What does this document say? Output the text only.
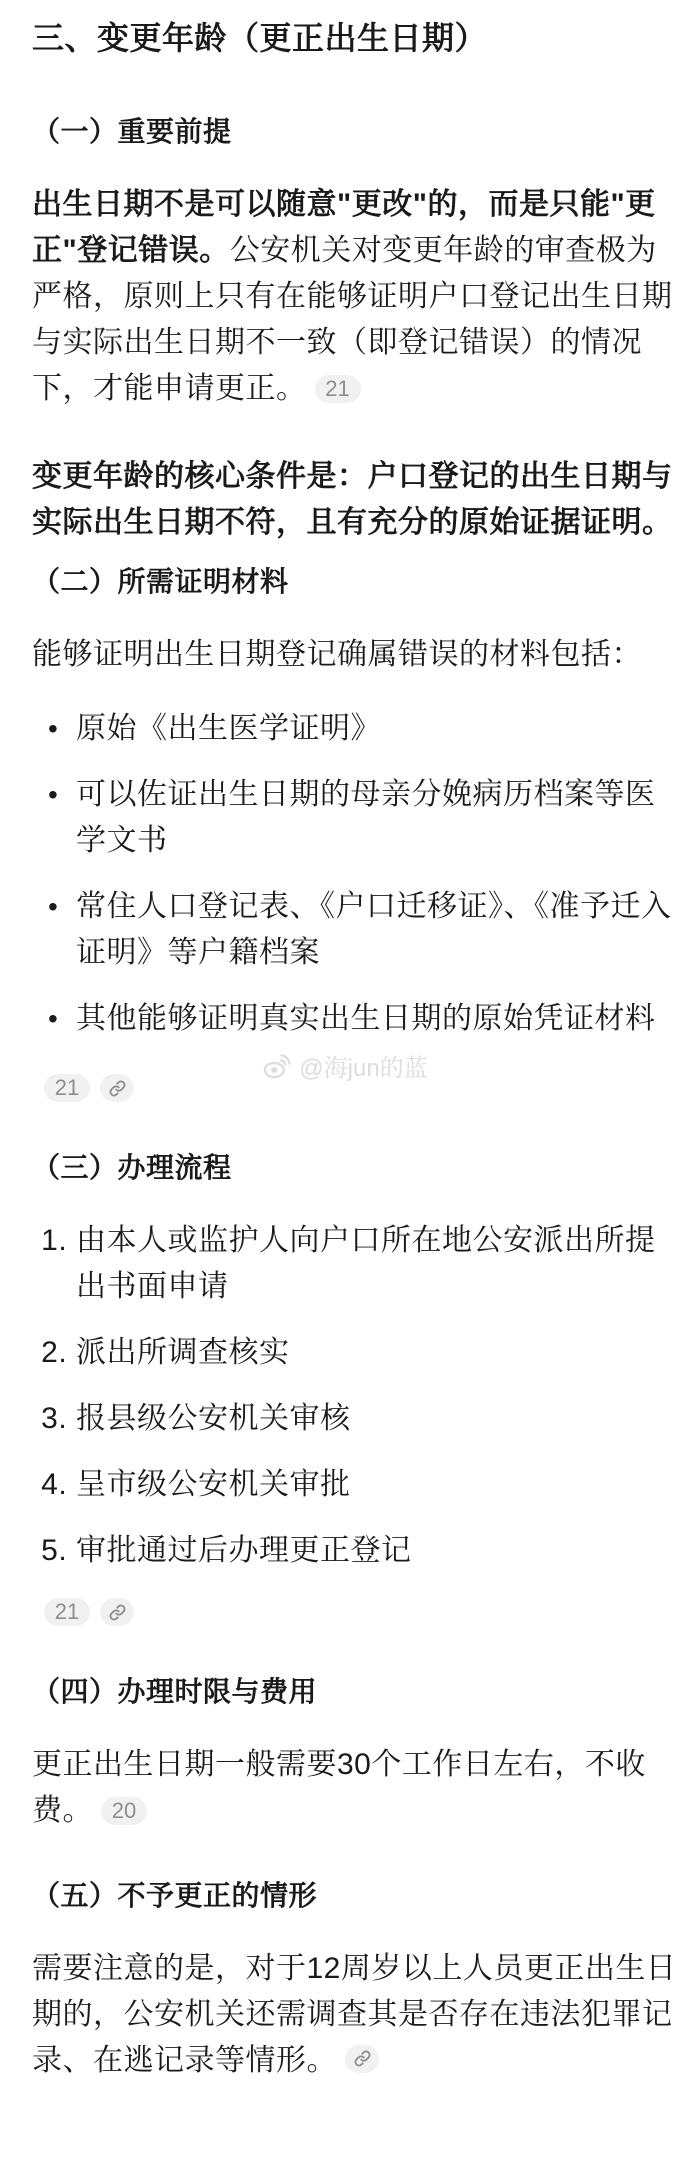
三、变更年龄（更正出生日期）
（一）重要前提

出生日期不是可以随意"更改"的，而是只能"更正"登记错误。公安机关对变更年龄的审查极为严格，原则上只有在能够证明户口登记出生日期与实际出生日期不一致（即登记错误）的情况下，才能申请更正。 21

变更年龄的核心条件是：户口登记的出生日期与实际出生日期不符，且有充分的原始证据证明。

（二）所需证明材料

能够证明出生日期登记确属错误的材料包括：

• 原始《出生医学证明》
• 可以佐证出生日期的母亲分娩病历档案等医学文书
• 常住人口登记表、《户口迁移证》、《准予迁入证明》等户籍档案
• 其他能够证明真实出生日期的原始凭证材料
21
（三）办理流程
1. 由本人或监护人向户口所在地公安派出所提出书面申请
2. 派出所调查核实
3. 报县级公安机关审核
4. 呈市级公安机关审批
5. 审批通过后办理更正登记
21
（四）办理时限与费用

更正出生日期一般需要30个工作日左右，不收费。 20

（五）不予更正的情形

需要注意的是，对于12周岁以上人员更正出生日期的，公安机关还需调查其是否存在违法犯罪记录、在逃记录等情形。

@海jun的蓝
